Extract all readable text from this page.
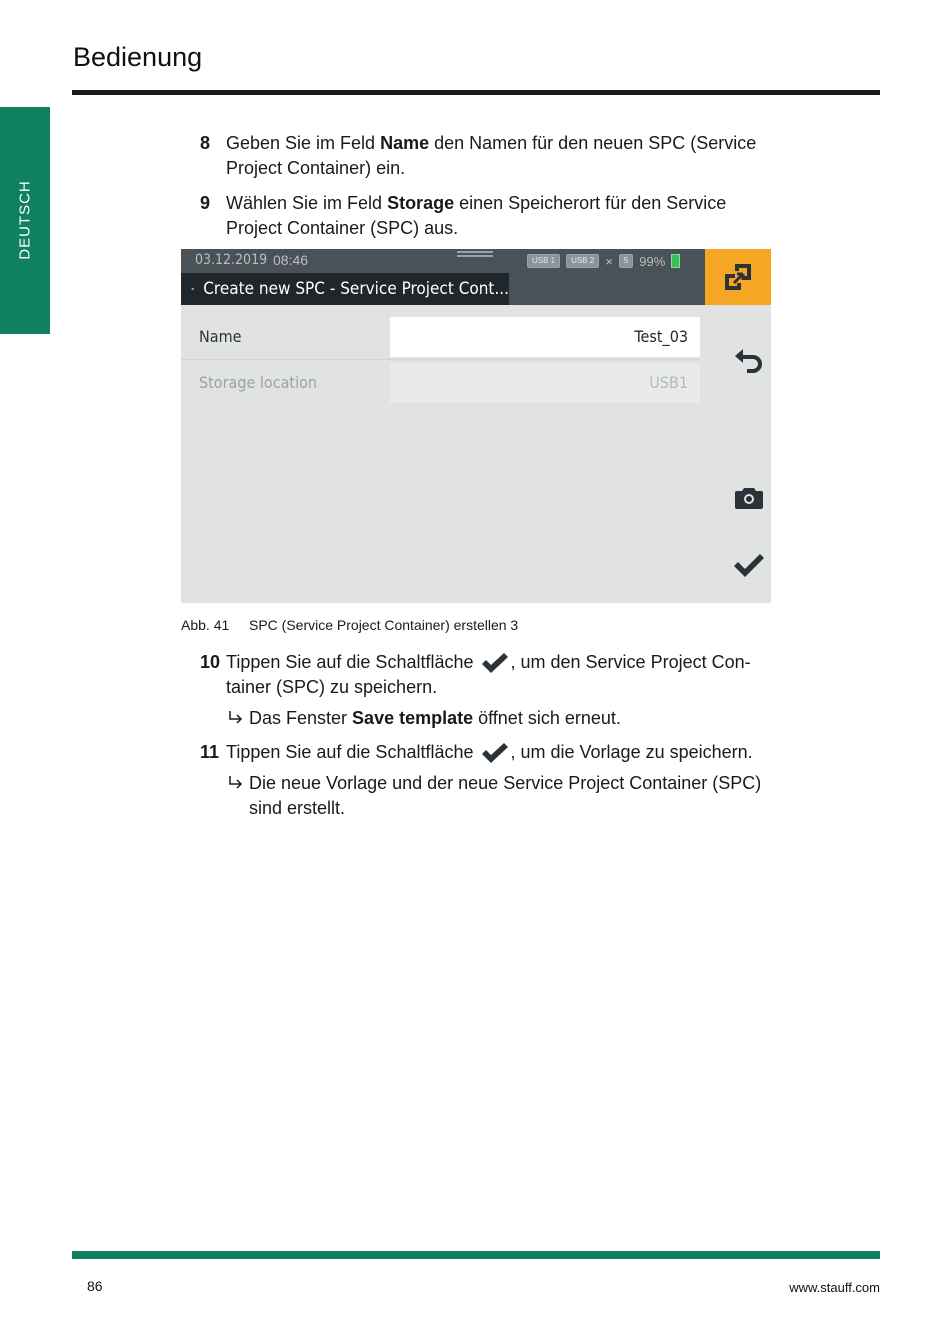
Bedienung
DEUTSCH
8 Geben Sie im Feld Name den Namen für den neuen SPC (Service Project Container) ein.
9 Wählen Sie im Feld Storage einen Speicherort für den Service Project Container (SPC) aus.
03.12.2019 08:46	USB 1	USB 2 ×	5 99%
Create new SPC - Service Project Cont...
Name	Test_03
Storage location	USB1
Abb. 41 SPC (Service Project Container) erstellen 3
10 Tippen Sie auf die Schaltfläche , um den Service Project Con-tainer (SPC) zu speichern.
Das Fenster Save template öffnet sich erneut.
11 Tippen Sie auf die Schaltfläche , um die Vorlage zu speichern.
Die neue Vorlage und der neue Service Project Container (SPC) sind erstellt.
86	www.stauff.com
